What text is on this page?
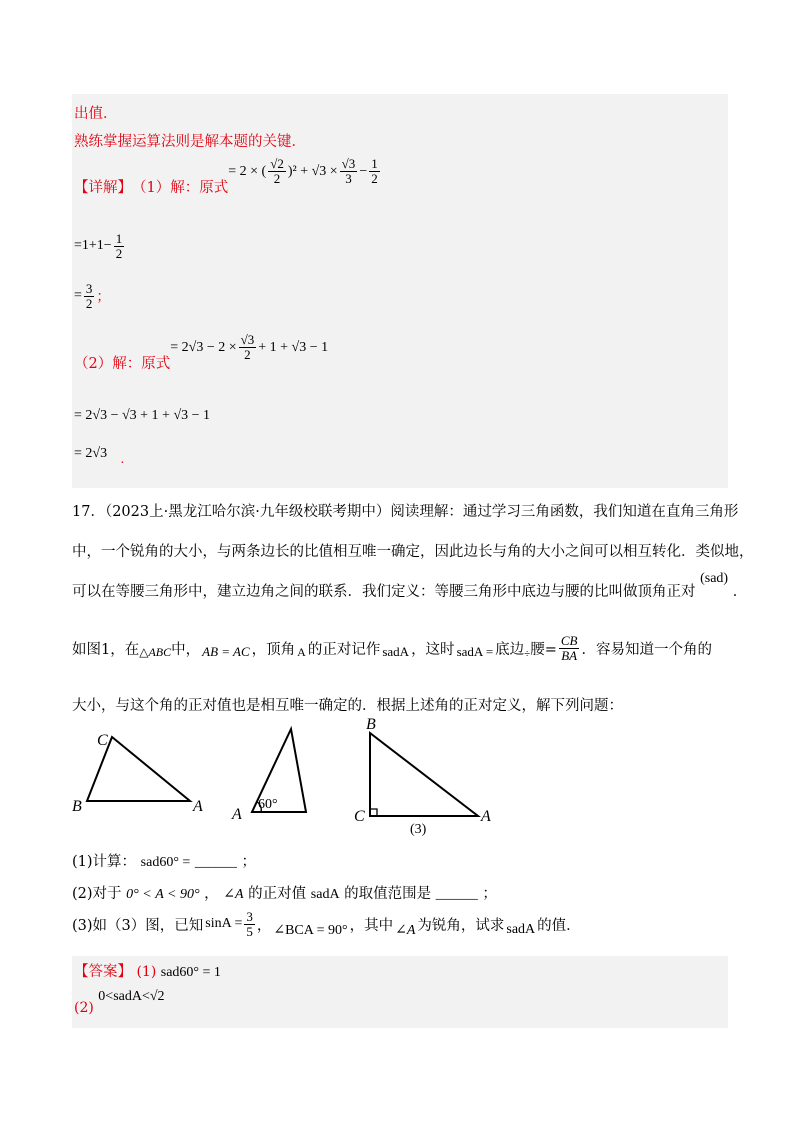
出值．
熟练掌握运算法则是解本题的关键．
【详解】 （1）解：原式
= 2 × ( $\frac{√2}{2} )^2 + √3 \times \frac{√3}{3} - \frac{1}{2}$
$=1+1- \frac{1}{2}$
= $\frac{3}{2}$ ；
（2）解：原式
= $2√3 - 2 \times \frac{√3}{2} + 1 + √3 - 1$
= 2√3 − √3 + 1 + √3 − 1
= 2√3 .
17．（2023上·黑龙江哈尔滨·九年级校联考期中）阅读理解：通过学习三角函数，我们知道在直角三角形
中，一个锐角的大小，与两条边长的比值相互唯一确定，因此边长与角的大小之间可以相互转化．类似地，
可以在等腰三角形中，建立边角之间的联系．我们定义：等腰三角形中底边与腰的比叫做顶角正对 (sad) ．
如图1，在 △ABC 中， AB = AC ，顶角 A 的正对记作 sadA ，这时 sadA = 底边 ÷ 腰= $\frac{CB}{BA}$ ．容易知道一个角的
大小，与这个角的正对值也是相互唯一确定的．根据上述角的正对定义，解下列问题：
C
B	A A
60°
B
C	A
(3)
(1)计算： sad60° = ______ ；
(2)对于 0° < A < 90° ， ∠A 的正对值 sadA 的取值范围是 ______ ；
(3)如（3）图，已知 $\sin A = \frac{3}{5}$ ， ∠BCA = 90° ，其中 ∠A 为锐角，试求 sadA 的值．
【答案】 (1) sad60° = 1
(2) 0<sadA<√2
